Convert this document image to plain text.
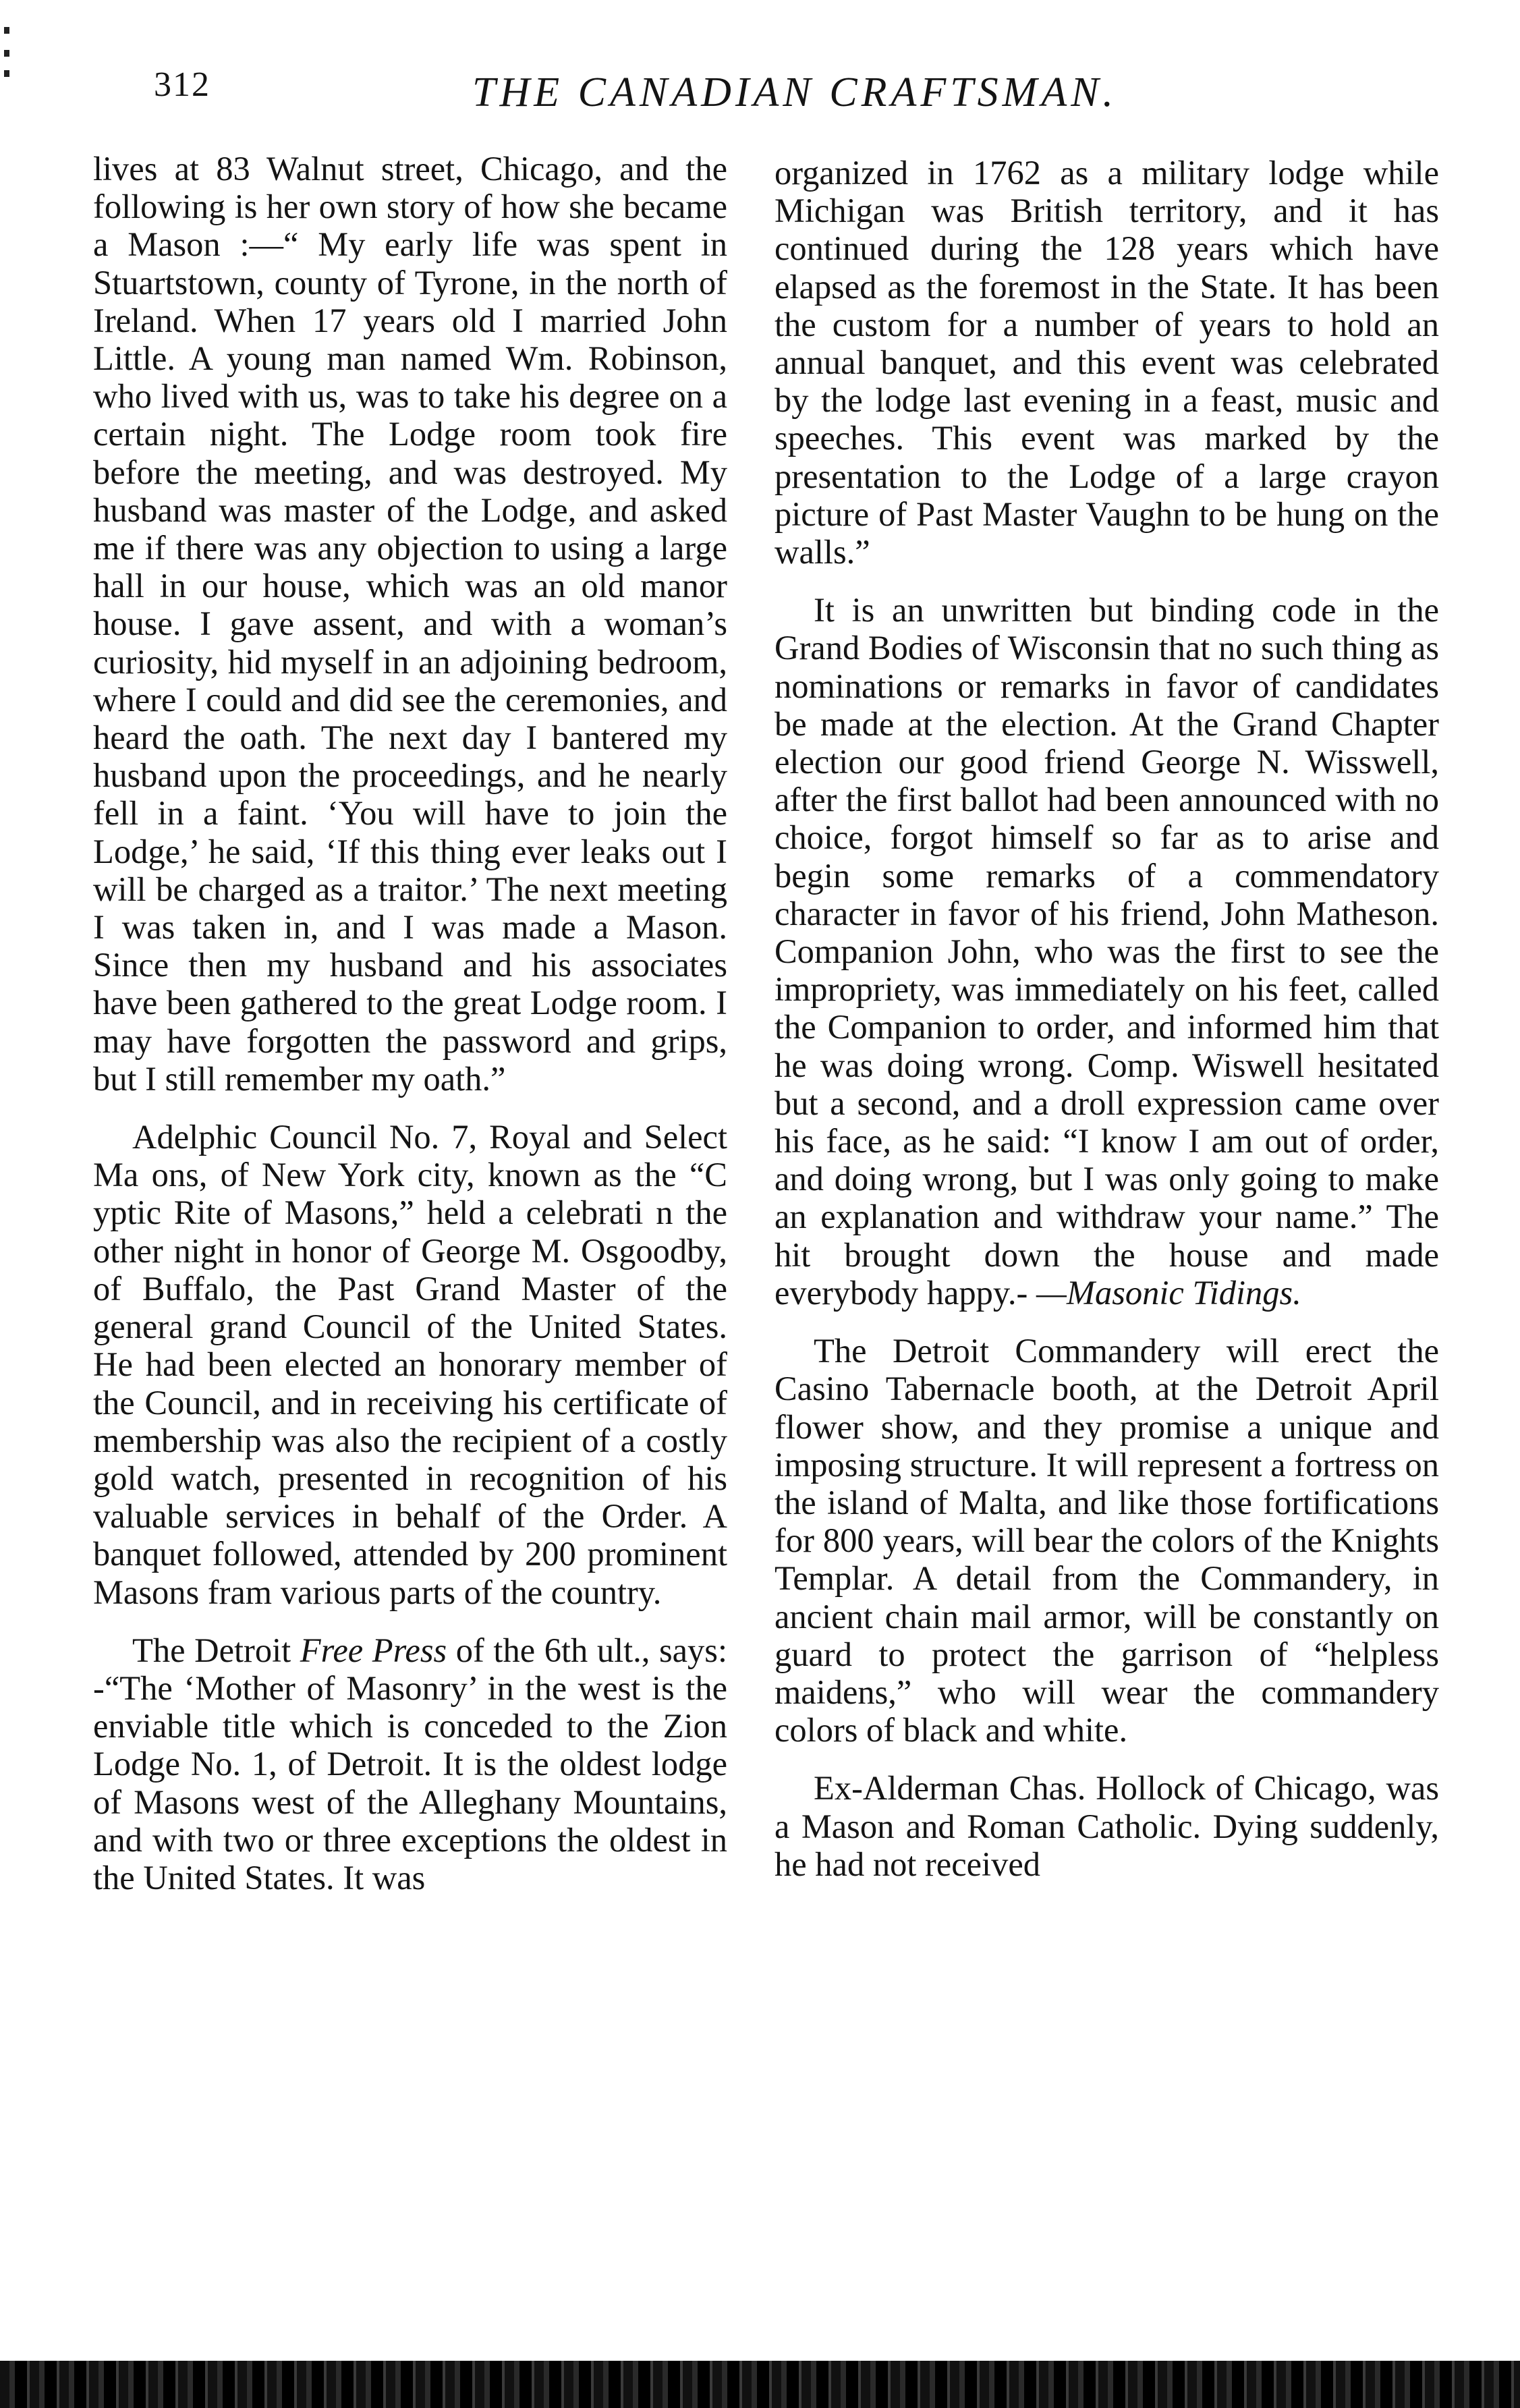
312	THE CANADIAN CRAFTSMAN.

lives at 83 Walnut street, Chicago, and the following is her own story of how she became a Mason :—“ My early life was spent in Stuartstown, county of Tyrone, in the north of Ireland. When 17 years old I married John Little. A young man named Wm. Robinson, who lived with us, was to take his degree on a certain night. The Lodge room took fire before the meeting, and was destroyed. My husband was master of the Lodge, and asked me if there was any objection to using a large hall in our house, which was an old manor house. I gave assent, and with a woman’s curiosity, hid myself in an adjoining bedroom, where I could and did see the ceremonies, and heard the oath. The next day I bantered my husband upon the proceedings, and he nearly fell in a faint. ‘You will have to join the Lodge,’ he said, ‘If this thing ever leaks out I will be charged as a traitor.’ The next meeting I was taken in, and I was made a Mason. Since then my husband and his associates have been gathered to the great Lodge room. I may have forgotten the password and grips, but I still remember my oath.”

Adelphic Council No. 7, Royal and Select Ma ons, of New York city, known as the “C yptic Rite of Masons,” held a celebrati n the other night in honor of George M. Osgoodby, of Buffalo, the Past Grand Master of the general grand Council of the United States. He had been elected an honorary member of the Council, and in receiving his certificate of membership was also the recipient of a costly gold watch, presented in recognition of his valuable services in behalf of the Order. A banquet followed, attended by 200 prominent Masons fram various parts of the country.

The Detroit Free Press of the 6th ult., says: -“The ‘Mother of Masonry’ in the west is the enviable title which is conceded to the Zion Lodge No. 1, of Detroit. It is the oldest lodge of Masons west of the Alleghany Mountains, and with two or three exceptions the oldest in the United States. It was

organized in 1762 as a military lodge while Michigan was British territory, and it has continued during the 128 years which have elapsed as the foremost in the State. It has been the custom for a number of years to hold an annual banquet, and this event was celebrated by the lodge last evening in a feast, music and speeches. This event was marked by the presentation to the Lodge of a large crayon picture of Past Master Vaughn to be hung on the walls.”

It is an unwritten but binding code in the Grand Bodies of Wisconsin that no such thing as nominations or remarks in favor of candidates be made at the election. At the Grand Chapter election our good friend George N. Wisswell, after the first ballot had been announced with no choice, forgot himself so far as to arise and begin some remarks of a commendatory character in favor of his friend, John Matheson. Companion John, who was the first to see the impropriety, was immediately on his feet, called the Companion to order, and informed him that he was doing wrong. Comp. Wiswell hesitated but a second, and a droll expression came over his face, as he said: “I know I am out of order, and doing wrong, but I was only going to make an explanation and withdraw your name.” The hit brought down the house and made everybody happy.- —Masonic Tidings.

The Detroit Commandery will erect the Casino Tabernacle booth, at the Detroit April flower show, and they promise a unique and imposing structure. It will represent a fortress on the island of Malta, and like those fortifications for 800 years, will bear the colors of the Knights Templar. A detail from the Commandery, in ancient chain mail armor, will be constantly on guard to protect the garrison of “helpless maidens,” who will wear the commandery colors of black and white.

Ex-Alderman Chas. Hollock of Chicago, was a Mason and Roman Catholic. Dying suddenly, he had not received
